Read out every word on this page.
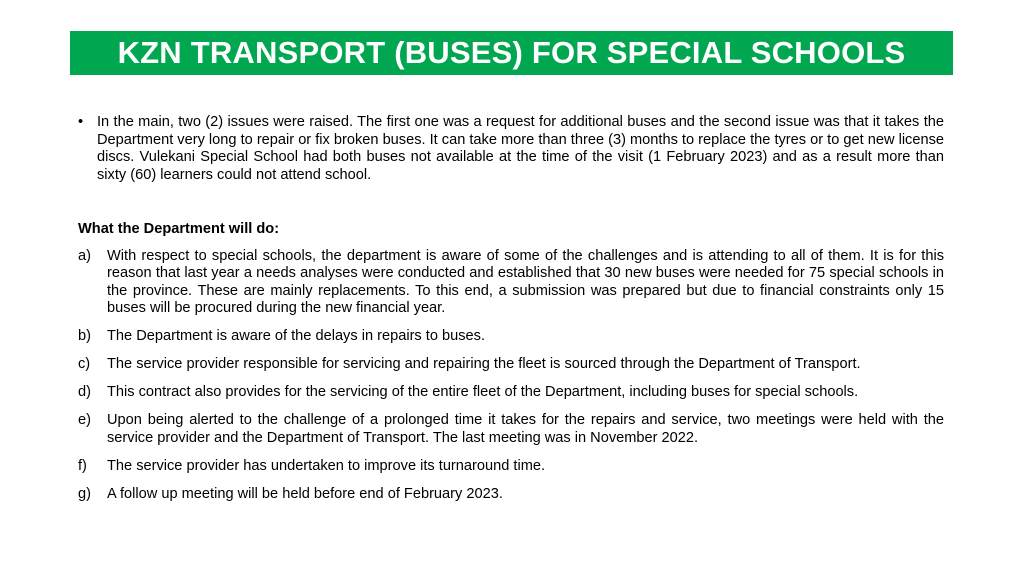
KZN TRANSPORT (BUSES) FOR SPECIAL SCHOOLS
• In the main, two (2) issues were raised. The first one was a request for additional buses and the second issue was that it takes the Department very long to repair or fix broken buses. It can take more than three (3) months to replace the tyres or to get new license discs. Vulekani Special School had both buses not available at the time of the visit (1 February 2023) and as a result more than sixty (60) learners could not attend school.
What the Department will do:
a)	With respect to special schools, the department is aware of some of the challenges and is attending to all of them. It is for this reason that last year a needs analyses were conducted and established that 30 new buses were needed for 75 special schools in the province. These are mainly replacements. To this end, a submission was prepared but due to financial constraints only 15 buses will be procured during the new financial year.
b)	The Department is aware of the delays in repairs to buses.
c)	The service provider responsible for servicing and repairing the fleet is sourced through the Department of Transport.
d)	This contract also provides for the servicing of the entire fleet of the Department, including buses for special schools.
e)	Upon being alerted to the challenge of a prolonged time it takes for the repairs and service, two meetings were held with the service provider and the Department of Transport. The last meeting was in November 2022.
f)	The service provider has undertaken to improve its turnaround time.
g)	A follow up meeting will be held before end of February 2023.
